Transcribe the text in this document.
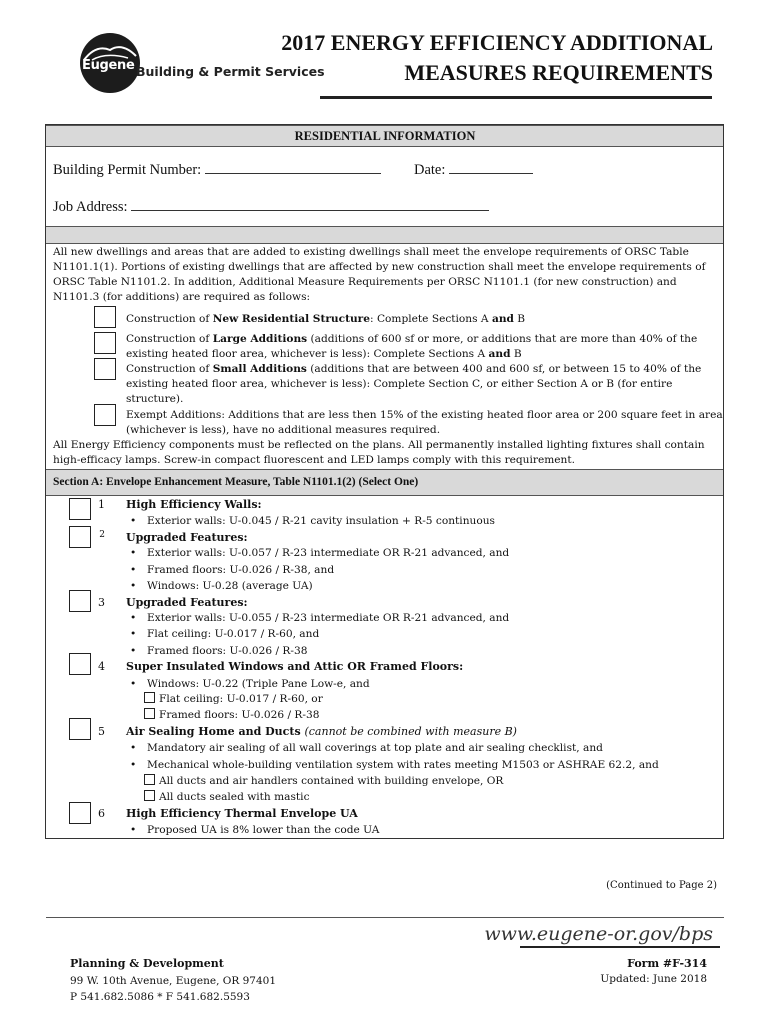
Eugene Building & Permit Services
2017 ENERGY EFFICIENCY ADDITIONAL
MEASURES REQUIREMENTS
RESIDENTIAL INFORMATION
Building Permit Number:	Date:
Job Address:
All new dwellings and areas that are added to existing dwellings shall meet the envelope requirements of ORSC Table N1101.1(1). Portions of existing dwellings that are affected by new construction shall meet the envelope requirements of ORSC Table N1101.2. In addition, Additional Measure Requirements per ORSC N1101.1 (for new construction) and N1101.3 (for additions) are required as follows:
Construction of New Residential Structure: Complete Sections A and B
Construction of Large Additions (additions of 600 sf or more, or additions that are more than 40% of the existing heated floor area, whichever is less): Complete Sections A and B
Construction of Small Additions (additions that are between 400 and 600 sf, or between 15 to 40% of the existing heated floor area, whichever is less): Complete Section C, or either Section A or B (for entire structure).
Exempt Additions: Additions that are less then 15% of the existing heated floor area or 200 square feet in area (whichever is less), have no additional measures required.
All Energy Efficiency components must be reflected on the plans. All permanently installed lighting fixtures shall contain high-efficacy lamps. Screw-in compact fluorescent and LED lamps comply with this requirement.
Section A: Envelope Enhancement Measure, Table N1101.1(2) (Select One)
1 High Efficiency Walls:
• Exterior walls: U-0.045 / R-21 cavity insulation + R-5 continuous
2 Upgraded Features:
• Exterior walls: U-0.057 / R-23 intermediate OR R-21 advanced, and
• Framed floors: U-0.026 / R-38, and
• Windows: U-0.28 (average UA)
3 Upgraded Features:
• Exterior walls: U-0.055 / R-23 intermediate OR R-21 advanced, and
• Flat ceiling: U-0.017 / R-60, and
• Framed floors: U-0.026 / R-38
4 Super Insulated Windows and Attic OR Framed Floors:
• Windows: U-0.22 (Triple Pane Low-e, and
Flat ceiling: U-0.017 / R-60, or
Framed floors: U-0.026 / R-38
5 Air Sealing Home and Ducts (cannot be combined with measure B)
• Mandatory air sealing of all wall coverings at top plate and air sealing checklist, and
• Mechanical whole-building ventilation system with rates meeting M1503 or ASHRAE 62.2, and
All ducts and air handlers contained with building envelope, OR
All ducts sealed with mastic
6 High Efficiency Thermal Envelope UA
• Proposed UA is 8% lower than the code UA
(Continued to Page 2)
www.eugene-or.gov/bps
Planning & Development
99 W. 10th Avenue, Eugene, OR 97401
P 541.682.5086 * F 541.682.5593
Form #F-314
Updated: June 2018
